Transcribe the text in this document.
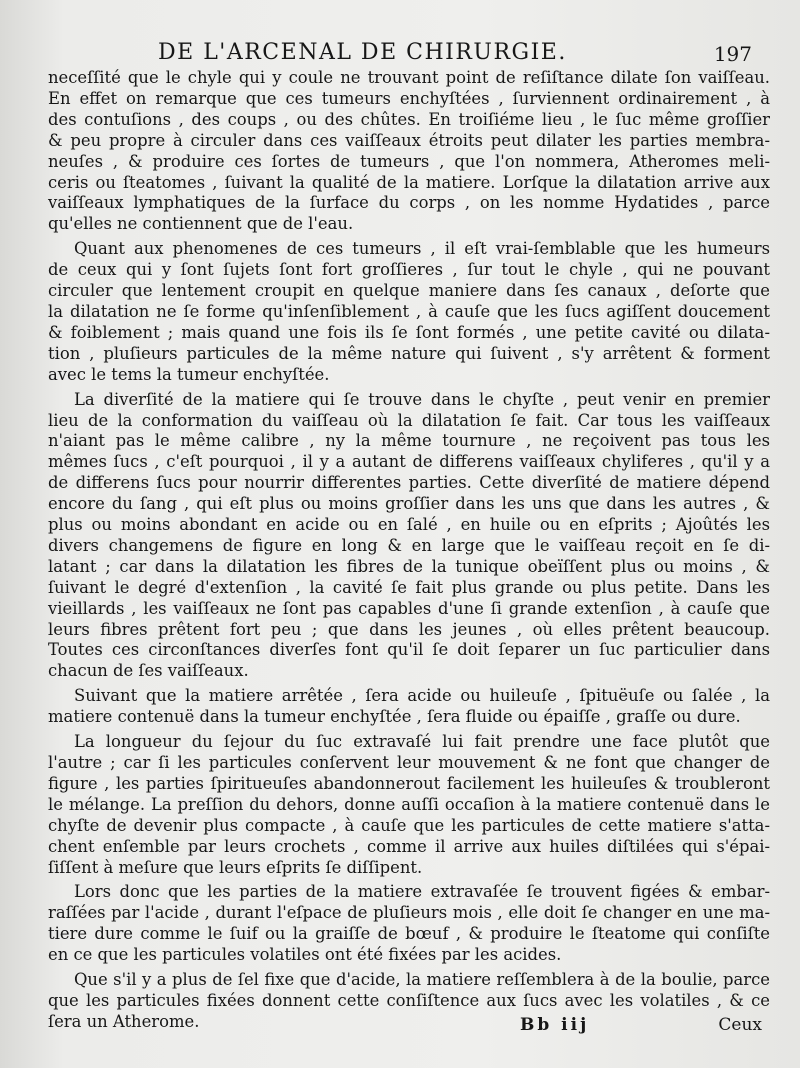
DE L'ARCENAL DE CHIRURGIE.	197
neceſſité que le chyle qui y coule ne trouvant point de reſiſtance dilate ſon vaiſſeau.
En effet on remarque que ces tumeurs enchyſtées , ſurviennent ordinairement , à
des contuſions , des coups , ou des chûtes. En troiſiéme lieu , le ſuc même groſſier
& peu propre à circuler dans ces vaiſſeaux étroits peut dilater les parties membra-
neuſes , & produire ces ſortes de tumeurs , que l'on nommera, Atheromes meli-
ceris ou ſteatomes , ſuivant la qualité de la matiere. Lorſque la dilatation arrive aux
vaiſſeaux lymphatiques de la ſurface du corps , on les nomme Hydatides , parce
qu'elles ne contiennent que de l'eau.
Quant aux phenomenes de ces tumeurs , il eſt vrai-ſemblable que les humeurs
de ceux qui y ſont ſujets ſont fort groſſieres , ſur tout le chyle , qui ne pouvant
circuler que lentement croupit en quelque maniere dans ſes canaux , deſorte que
la dilatation ne ſe forme qu'inſenſiblement , à cauſe que les ſucs agiſſent doucement
& foiblement ; mais quand une fois ils ſe ſont formés , une petite cavité ou dilata-
tion , pluſieurs particules de la même nature qui ſuivent , s'y arrêtent & forment
avec le tems la tumeur enchyſtée.
La diverſité de la matiere qui ſe trouve dans le chyſte , peut venir en premier
lieu de la conformation du vaiſſeau où la dilatation ſe fait. Car tous les vaiſſeaux
n'aiant pas le même calibre , ny la même tournure , ne reçoivent pas tous les
mêmes ſucs , c'eſt pourquoi , il y a autant de differens vaiſſeaux chyliferes , qu'il y a
de differens ſucs pour nourrir differentes parties. Cette diverſité de matiere dépend
encore du ſang , qui eſt plus ou moins groſſier dans les uns que dans les autres , &
plus ou moins abondant en acide ou en ſalé , en huile ou en eſprits ; Ajoûtés les
divers changemens de figure en long & en large que le vaiſſeau reçoit en ſe di-
latant ; car dans la dilatation les fibres de la tunique obeïſſent plus ou moins , &
ſuivant le degré d'extenſion , la cavité ſe fait plus grande ou plus petite. Dans les
vieillards , les vaiſſeaux ne ſont pas capables d'une ſi grande extenſion , à cauſe que
leurs fibres prêtent fort peu ; que dans les jeunes , où elles prêtent beaucoup.
Toutes ces circonſtances diverſes font qu'il ſe doit ſeparer un ſuc particulier dans
chacun de ſes vaiſſeaux.
Suivant que la matiere arrêtée , ſera acide ou huileuſe , ſpituëuſe ou ſalée , la
matiere contenuë dans la tumeur enchyſtée , ſera fluide ou épaiſſe , graſſe ou dure.
La longueur du ſejour du ſuc extravaſé lui fait prendre une face plutôt que
l'autre ; car ſi les particules conſervent leur mouvement & ne font que changer de
figure , les parties ſpiritueuſes abandonnerout facilement les huileuſes & troubleront
le mélange. La preſſion du dehors, donne auſſi occaſion à la matiere contenuë dans le
chyſte de devenir plus compacte , à cauſe que les particules de cette matiere s'atta-
chent enſemble par leurs crochets , comme il arrive aux huiles diſtilées qui s'épai-
ſiſſent à meſure que leurs eſprits ſe diſſipent.
Lors donc que les parties de la matiere extravaſée ſe trouvent figées & embar-
raſſées par l'acide , durant l'eſpace de pluſieurs mois , elle doit ſe changer en une ma-
tiere dure comme le ſuif ou la graiſſe de bœuf , & produire le ſteatome qui conſiſte
en ce que les particules volatiles ont été fixées par les acides.
Que s'il y a plus de ſel fixe que d'acide, la matiere reſſemblera à de la boulie, parce
que les particules fixées donnent cette conſiſtence aux ſucs avec les volatiles , & ce
ſera un Atherome.	Bb iij	Ceux
